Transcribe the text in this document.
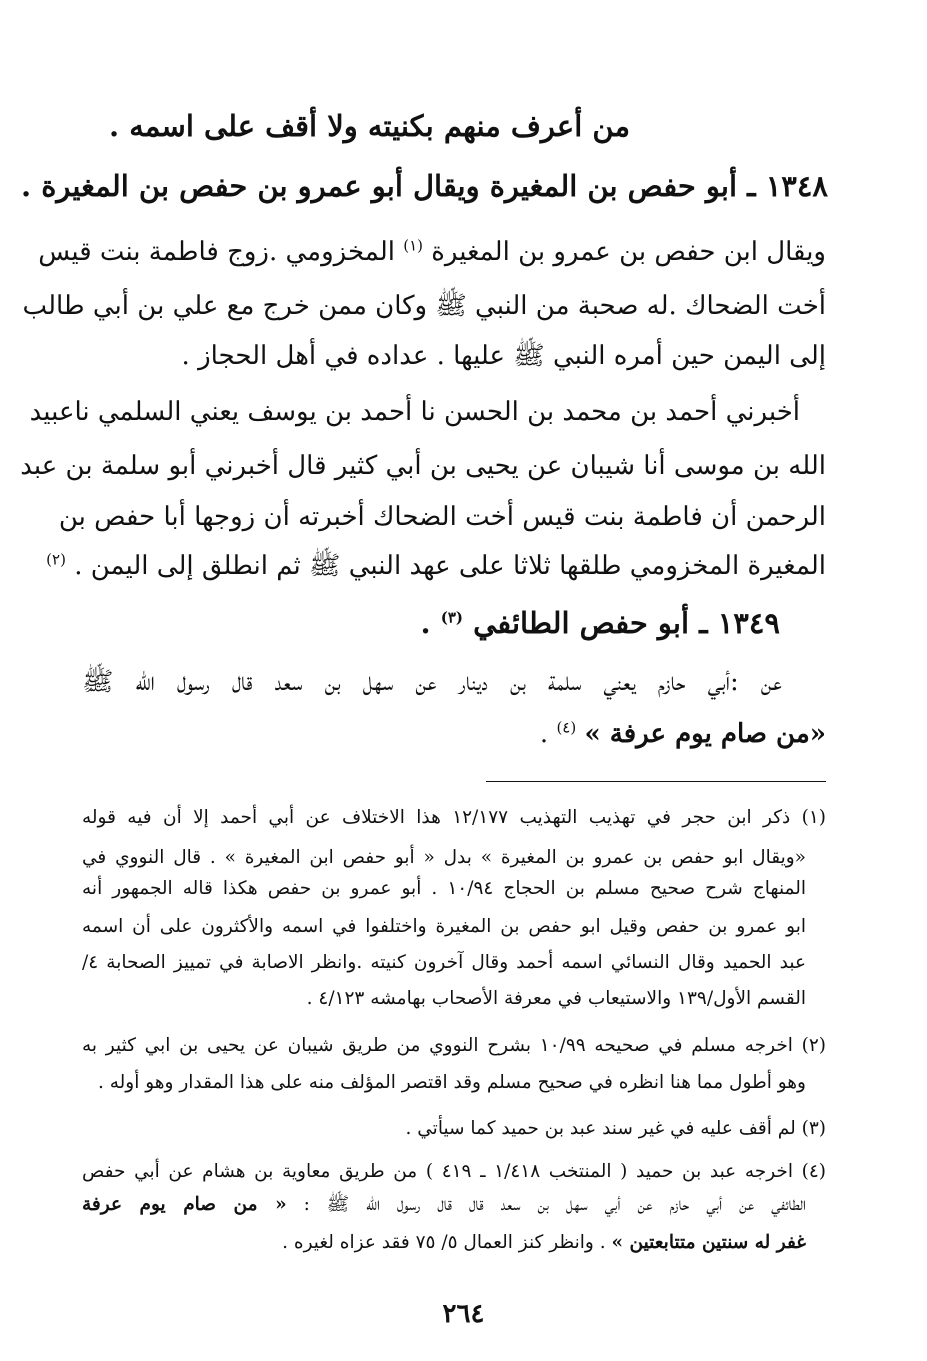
من أعرف منهم بكنيته ولا أقف على اسمه .
١٣٤٨ ـ أبو حفص بن المغيرة ويقال أبو عمرو بن حفص بن المغيرة .
ويقال ابن حفص بن عمرو بن المغيرة $^{(١)}$ المخزومي .زوج فاطمة بنت قيس
أخت الضحاك .له صحبة من النبي ﷺ وكان ممن خرج مع علي بن أبي طالب
إلى اليمن حين أمره النبي ﷺ عليها . عداده في أهل الحجاز .
أخبرني أحمد بن محمد بن الحسن نا أحمد بن يوسف يعني السلمي ناعبيد
الله بن موسى أنا شيبان عن يحيى بن أبي كثير قال أخبرني أبو سلمة بن عبد
الرحمن أن فاطمة بنت قيس أخت الضحاك أخبرته أن زوجها أبا حفص بن
المغيرة المخزومي طلقها ثلاثا على عهد النبي ﷺ ثم انطلق إلى اليمن . $^{(٢)}$
١٣٤٩ ـ أبو حفص الطائفي $^{(٣)}$ .
عن :أبي حازم يعني سلمة بن دينار عن سهل بن سعد قال رسول الله ﷺ
«من صام يوم عرفة » $^{(٤)}$ .
(١) ذكر ابن حجر في تهذيب التهذيب ١٢/١٧٧ هذا الاختلاف عن أبي أحمد إلا أن فيه قوله
«ويقال ابو حفص بن عمرو بن المغيرة » بدل « أبو حفص ابن المغيرة » . قال النووي في
المنهاج شرح صحيح مسلم بن الحجاج ١٠/٩٤ . أبو عمرو بن حفص هكذا قاله الجمهور أنه
ابو عمرو بن حفص وقيل ابو حفص بن المغيرة واختلفوا في اسمه والأكثرون على أن اسمه
عبد الحميد وقال النسائي اسمه أحمد وقال آخرون كنيته .وانظر الاصابة في تمييز الصحابة ٤/
القسم الأول/١٣٩ والاستيعاب في معرفة الأصحاب بهامشه ٤/١٢٣ .
(٢) اخرجه مسلم في صحيحه ١٠/٩٩ بشرح النووي من طريق شيبان عن يحيى بن ابي كثير به
وهو أطول مما هنا انظره في صحيح مسلم وقد اقتصر المؤلف منه على هذا المقدار وهو أوله .
(٣) لم أقف عليه في غير سند عبد بن حميد كما سيأتي .
(٤) اخرجه عبد بن حميد ( المنتخب ١/٤١٨ ـ ٤١٩ ) من طريق معاوية بن هشام عن أبي حفص
الطائفي عن أبي حازم عن أبي سهل بن سعد قال قال رسول الله ﷺ : « من صام يوم عرفة
غفر له سنتين متتابعتين » . وانظر كنز العمال ٥/ ٧٥ فقد عزاه لغيره .
٢٦٤
